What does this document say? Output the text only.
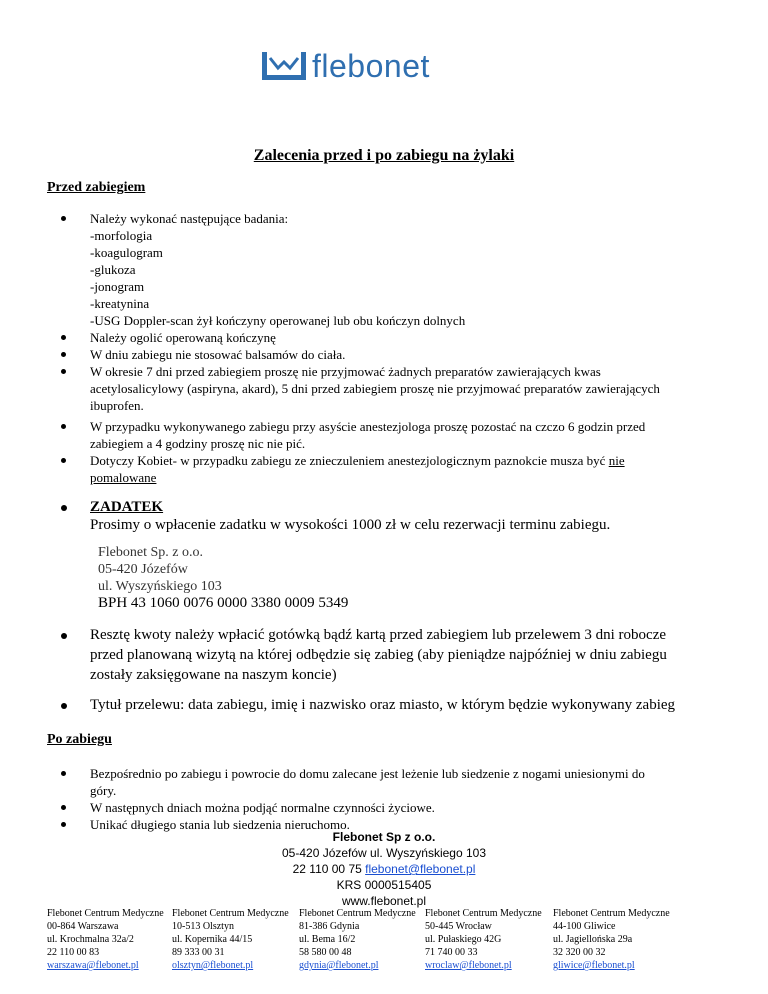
flebonet
Zalecenia przed i po zabiegu na żylaki
Przed zabiegiem
Należy wykonać następujące badania:
-morfologia
-koagulogram
-glukoza
-jonogram
-kreatynina
-USG Doppler-scan żył kończyny operowanej lub obu kończyn dolnych
Należy ogolić operowaną kończynę
W dniu zabiegu nie stosować balsamów do ciała.
W okresie 7 dni przed zabiegiem proszę nie przyjmować żadnych preparatów zawierających kwas
acetylosalicylowy (aspiryna, akard), 5 dni przed zabiegiem proszę nie przyjmować preparatów zawierających
ibuprofen.
W przypadku wykonywanego zabiegu przy asyście anestezjologa proszę pozostać na czczo 6 godzin przed
zabiegiem a 4 godziny proszę nic nie pić.
Dotyczy Kobiet- w przypadku zabiegu ze znieczuleniem anestezjologicznym paznokcie musza być nie
pomalowane
ZADATEK
Prosimy o wpłacenie zadatku w wysokości 1000 zł w celu rezerwacji terminu zabiegu.
Flebonet Sp. z o.o.
05-420 Józefów
ul. Wyszyńskiego 103
BPH 43 1060 0076 0000 3380 0009 5349
Resztę kwoty należy wpłacić gotówką bądź kartą przed zabiegiem lub przelewem 3 dni robocze
przed planowaną wizytą na której odbędzie się zabieg (aby pieniądze najpóźniej w dniu zabiegu
zostały zaksięgowane na naszym koncie)
Tytuł przelewu: data zabiegu, imię i nazwisko oraz miasto, w którym będzie wykonywany zabieg
Po zabiegu
Bezpośrednio po zabiegu i powrocie do domu zalecane jest leżenie lub siedzenie z nogami uniesionymi do
góry.
W następnych dniach można podjąć normalne czynności życiowe.
Unikać długiego stania lub siedzenia nieruchomo.
Flebonet Sp z o.o.
05-420 Józefów ul. Wyszyńskiego 103
22 110 00 75 flebonet@flebonet.pl
KRS 0000515405
www.flebonet.pl
Flebonet Centrum Medyczne
00-864 Warszawa
ul. Krochmalna 32a/2
22 110 00 83
warszawa@flebonet.pl
Flebonet Centrum Medyczne
10-513 Olsztyn
ul. Kopernika 44/15
89 333 00 31
olsztyn@flebonet.pl
Flebonet Centrum Medyczne
81-386 Gdynia
ul. Bema 16/2
58 580 00 48
gdynia@flebonet.pl
Flebonet Centrum Medyczne
50-445 Wrocław
ul. Pułaskiego 42G
71 740 00 33
wroclaw@flebonet.pl
Flebonet Centrum Medyczne
44-100 Gliwice
ul. Jagiellońska 29a
32 320 00 32
gliwice@flebonet.pl
